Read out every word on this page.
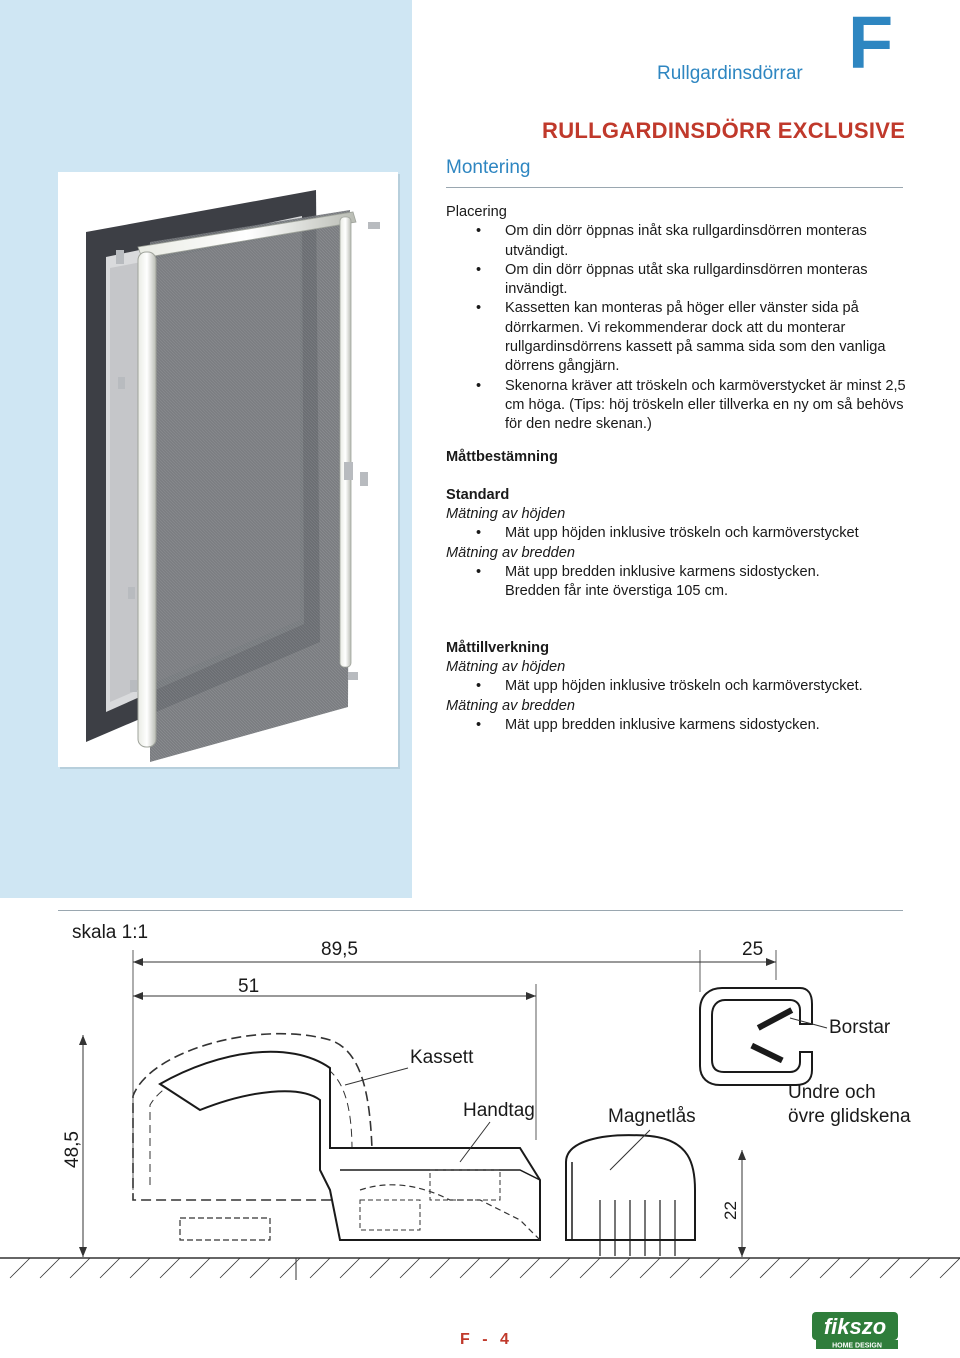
Rullgardinsdörrar F
RULLGARDINSDÖRR EXCLUSIVE
Montering
Placering
• Om din dörr öppnas inåt ska rullgardinsdörren monteras utvändigt.
• Om din dörr öppnas utåt ska rullgardinsdörren monteras invändigt.
• Kassetten kan monteras på höger eller vänster sida på dörrkarmen. Vi rekommenderar dock att du monterar rullgardinsdörrens kassett på samma sida som den vanliga dörrens gångjärn.
• Skenorna kräver att tröskeln och karmöverstycket är minst 2,5 cm höga. (Tips: höj tröskeln eller tillverka en ny om så behövs för den nedre skenan.)
Måttbestämning
Standard
Mätning av höjden
• Mät upp höjden inklusive tröskeln och karmöverstycket
Mätning av bredden
• Mät upp bredden inklusive karmens sidostycken.
Bredden får inte överstiga 105 cm.
Måttillverkning
Mätning av höjden
• Mät upp höjden inklusive tröskeln och karmöverstycket.
Mätning av bredden
• Mät upp bredden inklusive karmens sidostycken.
skala 1:1
89,5	25
51
48,5
22
Kassett
Handtag	Magnetlås
Borstar
Undre och
övre glidskena
F - 4
fikszo
HOME DESIGN
